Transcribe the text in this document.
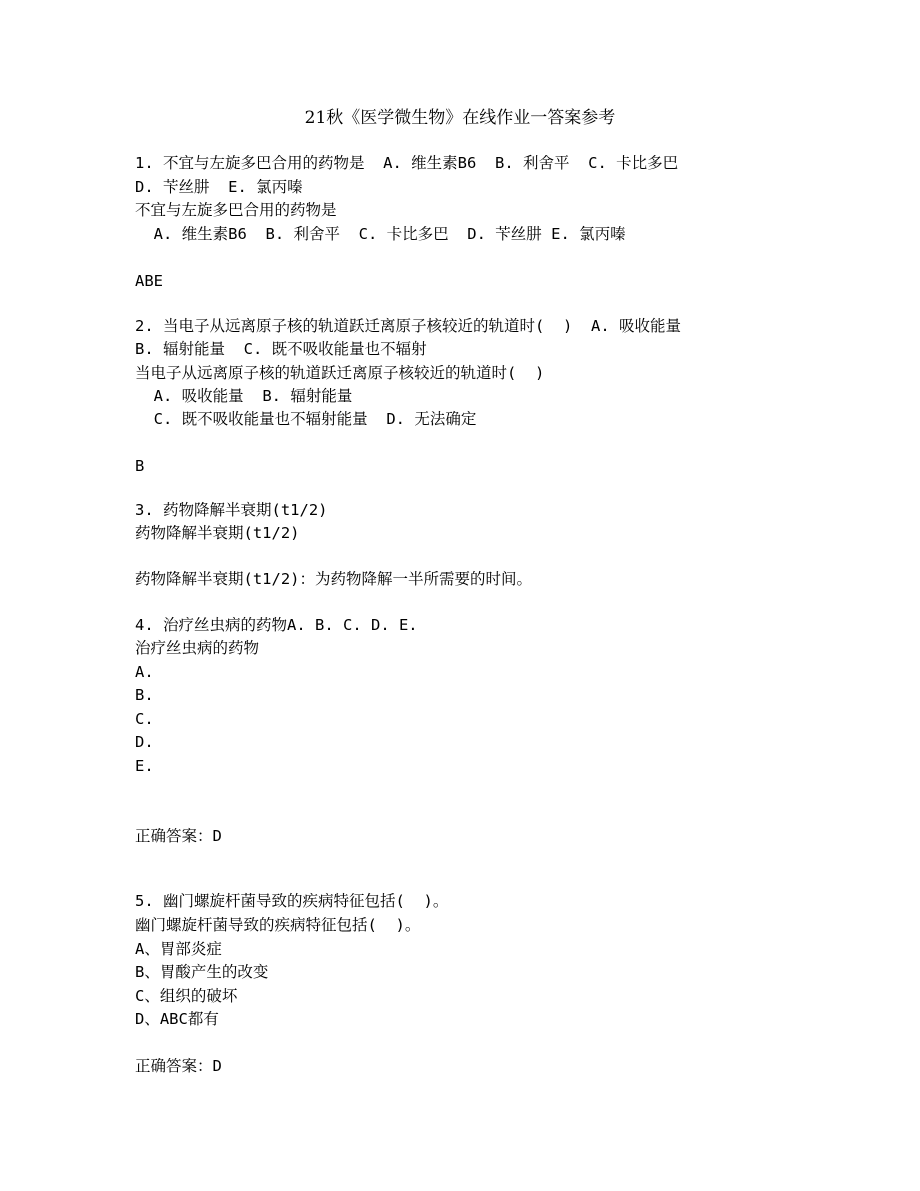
21秋《医学微生物》在线作业一答案参考
1. 不宜与左旋多巴合用的药物是  A. 维生素B6  B. 利舍平  C. 卡比多巴
D. 苄丝肼  E. 氯丙嗪
不宜与左旋多巴合用的药物是
A. 维生素B6  B. 利舍平  C. 卡比多巴  D. 苄丝肼 E. 氯丙嗪
ABE
2. 当电子从远离原子核的轨道跃迁离原子核较近的轨道时(  )  A. 吸收能量
B. 辐射能量  C. 既不吸收能量也不辐射
当电子从远离原子核的轨道跃迁离原子核较近的轨道时(  )
A. 吸收能量  B. 辐射能量
C. 既不吸收能量也不辐射能量  D. 无法确定
B
3. 药物降解半衰期(t1/2)
药物降解半衰期(t1/2)
药物降解半衰期(t1/2)：为药物降解一半所需要的时间。
4. 治疗丝虫病的药物A. B. C. D. E.
治疗丝虫病的药物
A.
B.
C.
D.
E.
正确答案：D
5. 幽门螺旋杆菌导致的疾病特征包括(  )。
幽门螺旋杆菌导致的疾病特征包括(  )。
A、胃部炎症
B、胃酸产生的改变
C、组织的破坏
D、ABC都有
正确答案：D
